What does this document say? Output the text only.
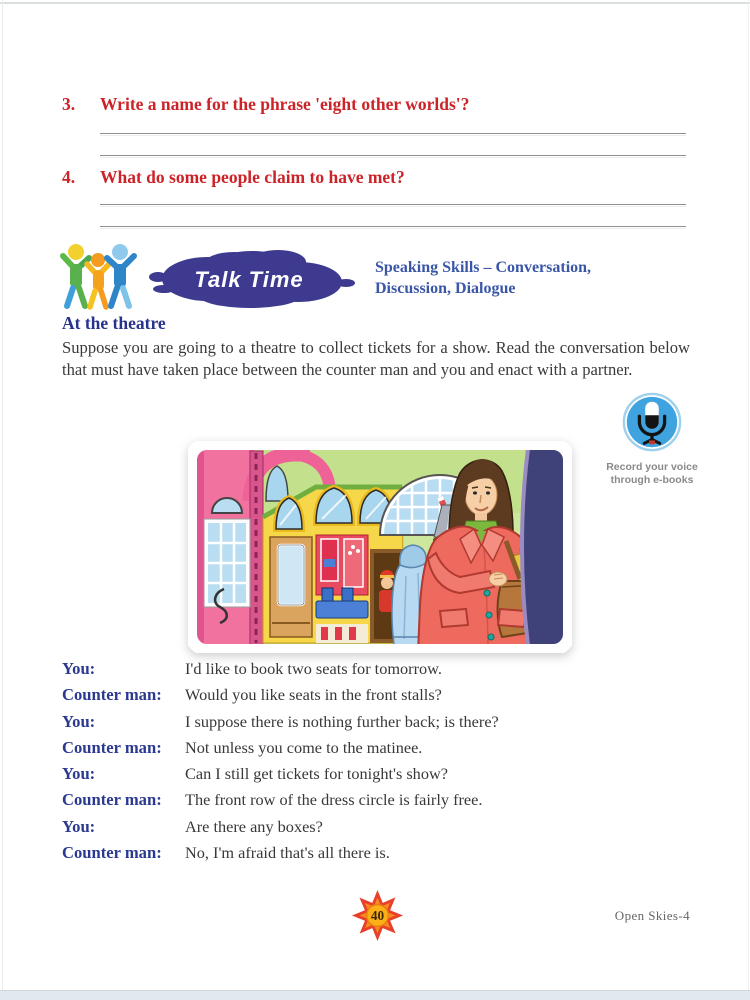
3.	Write a name for the phrase 'eight other worlds'?
4.	What do some people claim to have met?
Talk Time	Speaking Skills – Conversation,
Discussion, Dialogue
At the theatre
Suppose you are going to a theatre to collect tickets for a show. Read the conversation below that must have taken place between the counter man and you and enact with a partner.
Record your voice
through e-books
You:	I'd like to book two seats for tomorrow.
Counter man:	Would you like seats in the front stalls?
You:	I suppose there is nothing further back; is there?
Counter man:	Not unless you come to the matinee.
You:	Can I still get tickets for tonight's show?
Counter man:	The front row of the dress circle is fairly free.
You:	Are there any boxes?
Counter man:	No, I'm afraid that's all there is.
40	Open Skies-4
